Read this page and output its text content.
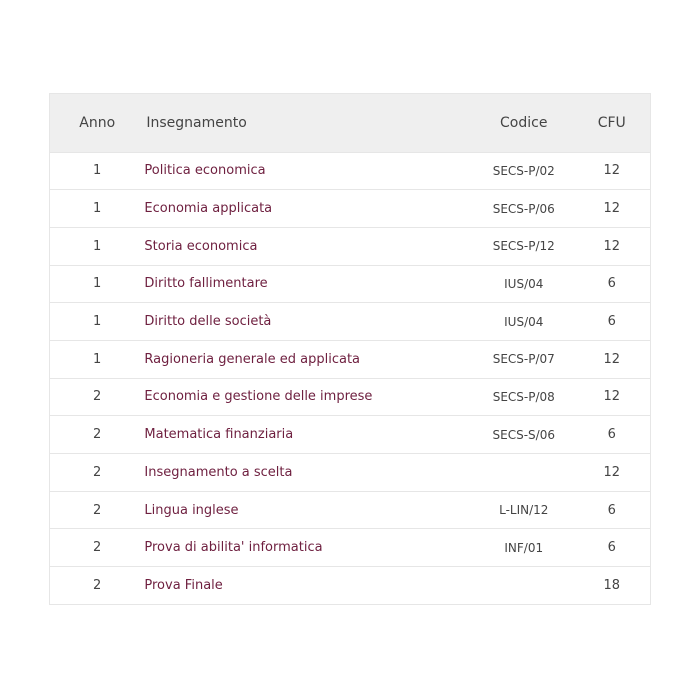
Anno	Insegnamento	Codice	CFU
1	Politica economica	SECS-P/02	12
1	Economia applicata	SECS-P/06	12
1	Storia economica	SECS-P/12	12
1	Diritto fallimentare	IUS/04	6
1	Diritto delle società	IUS/04	6
1	Ragioneria generale ed applicata	SECS-P/07	12
2	Economia e gestione delle imprese	SECS-P/08	12
2	Matematica finanziaria	SECS-S/06	6
2	Insegnamento a scelta		12
2	Lingua inglese	L-LIN/12	6
2	Prova di abilita' informatica	INF/01	6
2	Prova Finale		18
